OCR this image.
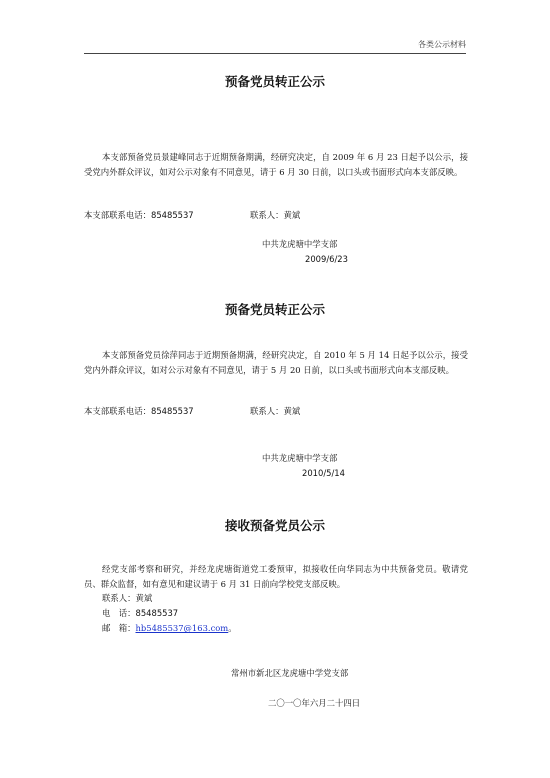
各类公示材料
预备党员转正公示

本支部预备党员景建峰同志于近期预备期满，经研究决定，自 2009 年 6 月 23 日起予以公示，接受党内外群众评议，如对公示对象有不同意见，请于 6 月 30 日前，以口头或书面形式向本支部反映。

本支部联系电话：85485537	联系人：黄斌
中共龙虎塘中学支部
2009/6/23
预备党员转正公示

本支部预备党员徐萍同志于近期预备期满，经研究决定，自 2010 年 5 月 14 日起予以公示，接受党内外群众评议，如对公示对象有不同意见，请于 5 月 20 日前，以口头或书面形式向本支部反映。

本支部联系电话：85485537	联系人：黄斌
中共龙虎塘中学支部
2010/5/14
接收预备党员公示

经党支部考察和研究，并经龙虎塘街道党工委预审，拟接收任向华同志为中共预备党员。敬请党员、群众监督，如有意见和建议请于 6 月 31 日前向学校党支部反映。

联系人：黄斌
电　话：85485537
邮　箱：hb5485537@163.com。
常州市新北区龙虎塘中学党支部
二〇一〇年六月二十四日
